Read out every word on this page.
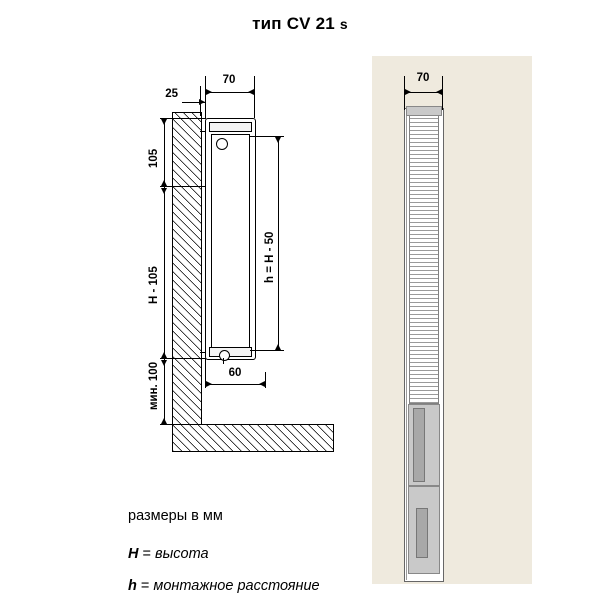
тип CV 21 s
25
70
105
H - 105
мин. 100
h = H - 50
60
70
размеры в мм
H = высота
h = монтажное расстояние
